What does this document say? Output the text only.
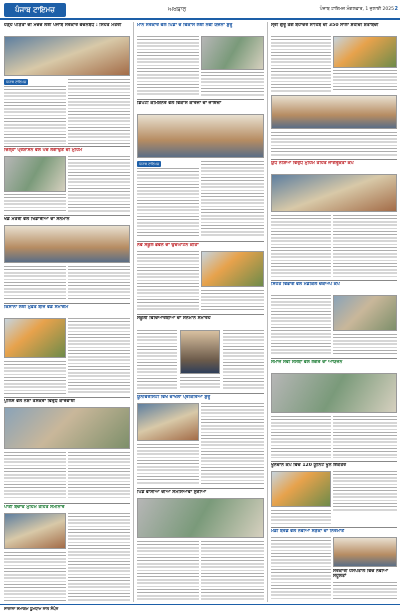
ਪੰਜਾਬ ਟਾਇਮਜ਼	ਅਖਬਾਰ	ਪੰਜਾਬ ਟਾਇਮਜ਼ ਮੰਗਲਵਾਰ, 1 ਜੁਲਾਈ 2025 2
ਹੜ੍ਹ ਪੀੜਤਾਂ ਦੀ ਮਦਦ ਲਈ ਪੰਜਾਬ ਸਰਕਾਰ ਵਚਨਬੱਧ : ਸਿਹਤ ਮੰਤਰੀ
ਪੰਜਾਬ ਟਾਇਮਜ਼
ਜ਼ਿਲ੍ਹਾ ਪ੍ਰਸ਼ਾਸਨ ਵੱਲੋਂ ਪੌਦੇ ਲਗਾਉਣ ਦੀ ਮੁਹਿੰਮ
ਖੇਡ ਮੰਤਰੀ ਵੱਲੋਂ ਖਿਡਾਰੀਆਂ ਦਾ ਸਨਮਾਨ
ਕਿਸਾਨਾਂ ਲਈ ਮੁਫ਼ਤ ਬੀਜ ਵੰਡ ਸਮਾਗਮ
ਪੁਲਿਸ ਵੱਲੋਂ ਨਸ਼ਾ ਤਸਕਰਾਂ ਵਿਰੁੱਧ ਕਾਰਵਾਈ
ਪਾਣੀ ਬਚਾਓ ਮੁਹਿੰਮ ਤਹਿਤ ਸੈਮੀਨਾਰ
ਮਾਨ ਸਰਕਾਰ ਵੱਲੋਂ ਪਿੰਡਾਂ ਦੇ ਵਿਕਾਸ ਲਈ ਨਵੀਂ ਯੋਜਨਾ ਸ਼ੁਰੂ
ਡਿਪਟੀ ਕਮਿਸ਼ਨਰ ਵੱਲੋਂ ਵਿਕਾਸ ਕਾਰਜਾਂ ਦਾ ਜਾਇਜ਼ਾ
ਪੰਜਾਬ ਟਾਇਮਜ਼
ਨਵੇਂ ਸਕੂਲ ਭਵਨ ਦਾ ਉਦਘਾਟਨ ਕੀਤਾ
ਸਕੂਲੀ ਵਿਦਿਆਰਥੀਆਂ ਦਾ ਸਨਮਾਨ ਸਮਾਰੋਹ
ਯੂਨੀਵਰਸਿਟੀ ਵਿਖੇ ਦਾਖਲਾ ਪ੍ਰਕਿਰਿਆ ਸ਼ੁਰੂ
ਪਿੰਡ ਵਾਸੀਆਂ ਦੀਆਂ ਸਮੱਸਿਆਵਾਂ ਸੁਣੀਆਂ
ਸ੍ਰੀ ਗੁਰੂ ਤੇਗ ਬਹਾਦਰ ਸਾਹਿਬ ਦੀ 350 ਸਾਲਾ ਸ਼ਹੀਦੀ ਸ਼ਤਾਬਦੀ
ਯੁੱਧ ਨਸ਼ਿਆਂ ਵਿਰੁੱਧ ਮੁਹਿੰਮ ਤਹਿਤ ਜਾਗਰੂਕਤਾ ਕੈਂਪ
ਸਿਹਤ ਵਿਭਾਗ ਵੱਲੋਂ ਮੈਡੀਕਲ ਚੈੱਕਅਪ ਕੈਂਪ
ਸਮਾਜ ਸੇਵੀ ਸੰਸਥਾ ਵੱਲੋਂ ਲੰਗਰ ਦਾ ਆਯੋਜਨ
ਖੂਨਦਾਨ ਕੈਂਪ ਵਿੱਚ 120 ਯੂਨਿਟ ਖੂਨ ਇਕੱਤਰ
ਮੰਡੀ ਬੋਰਡ ਵੱਲੋਂ ਨਵੀਆਂ ਸੜਕਾਂ ਦਾ ਨਿਰਮਾਣ
ਸਰਕਾਰੀ ਹਸਪਤਾਲ ਵਿੱਚ ਨਵੀਆਂ ਸਹੂਲਤਾਂ
ਸਾਲਾਨਾ ਸਮਾਗਮ ਧੂਮਧਾਮ ਨਾਲ ਸੰਪੰਨ
